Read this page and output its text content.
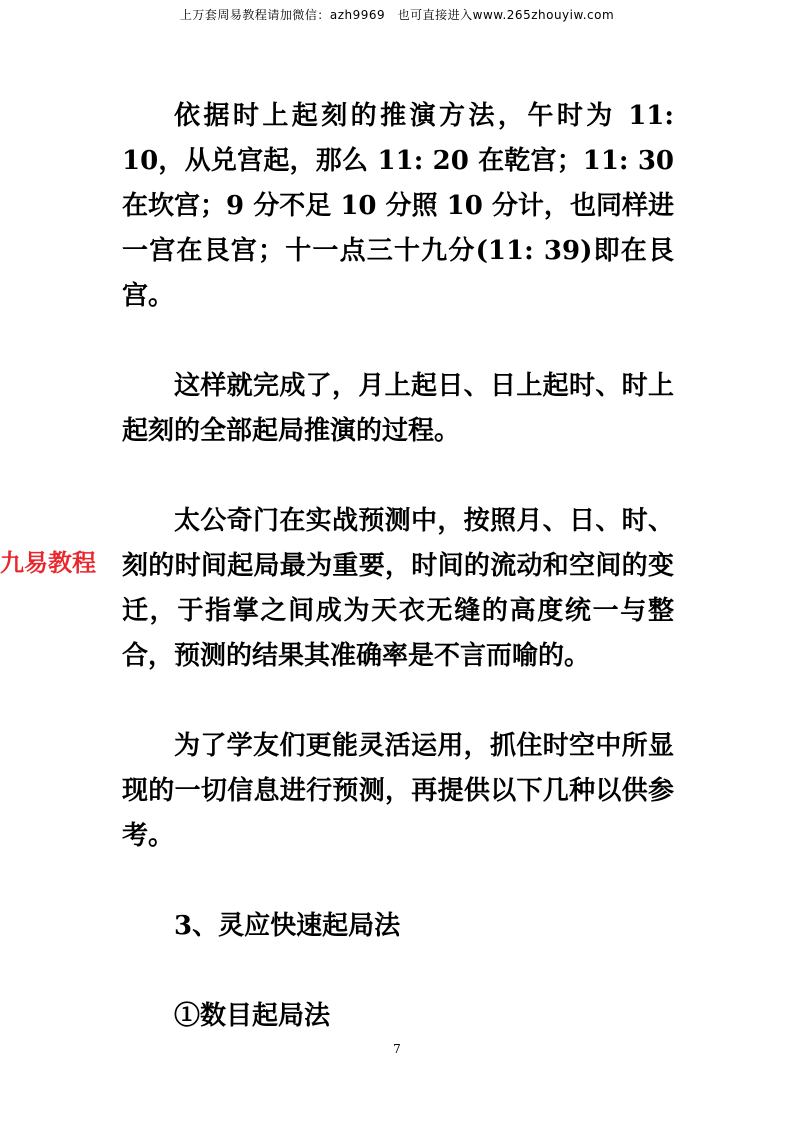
上万套周易教程请加微信：azh9969　也可直接进入www.265zhouyiw.com
九易教程

依据时上起刻的推演方法，午时为 11: 10，从兑宫起，那么 11: 20 在乾宫；11: 30 在坎宫；9 分不足 10 分照 10 分计，也同样进一宫在艮宫；十一点三十九分(11: 39)即在艮宫。

这样就完成了，月上起日、日上起时、时上起刻的全部起局推演的过程。

太公奇门在实战预测中，按照月、日、时、刻的时间起局最为重要，时间的流动和空间的变迁，于指掌之间成为天衣无缝的高度统一与整合，预测的结果其准确率是不言而喻的。

为了学友们更能灵活运用，抓住时空中所显现的一切信息进行预测，再提供以下几种以供参考。

3、灵应快速起局法

①数目起局法

7
